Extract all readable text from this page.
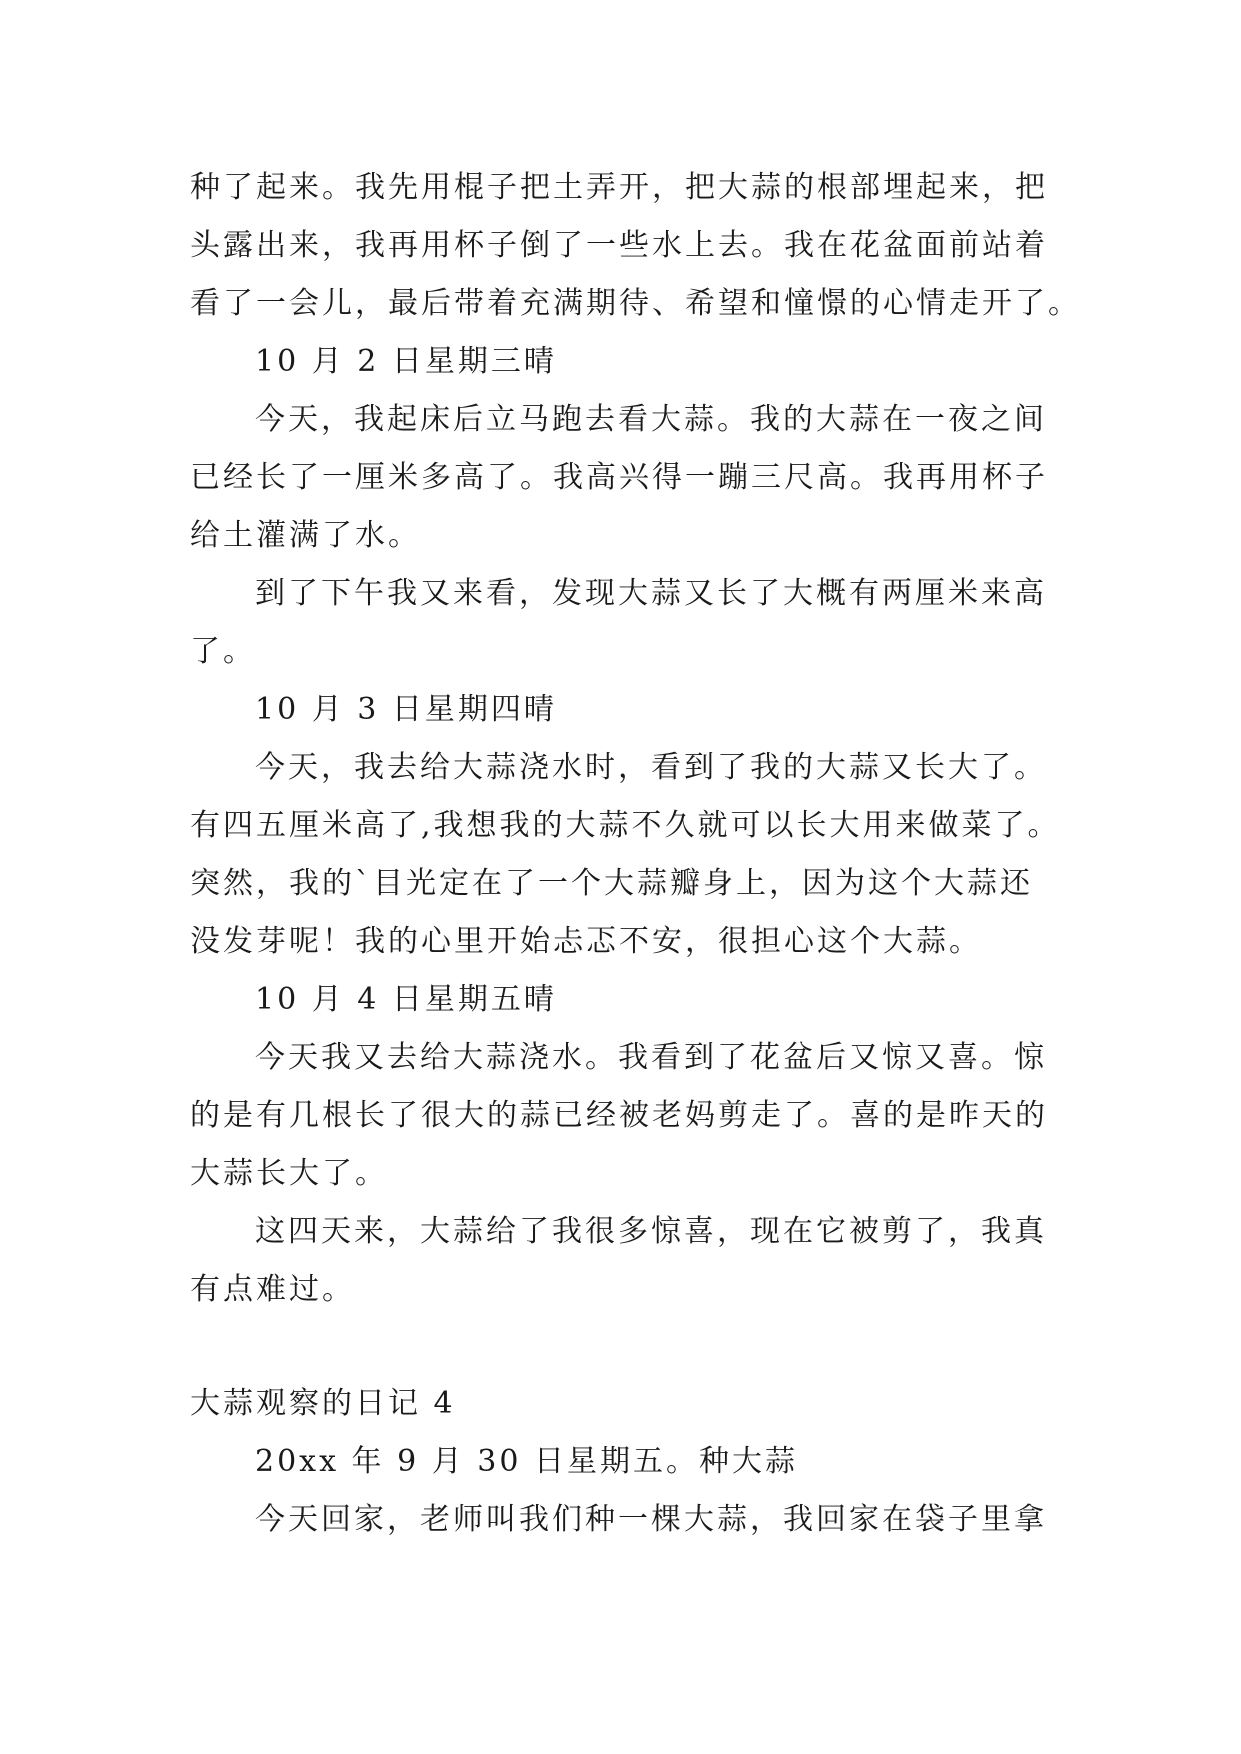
种了起来。我先用棍子把土弄开，把大蒜的根部埋起来，把
头露出来，我再用杯子倒了一些水上去。我在花盆面前站着
看了一会儿，最后带着充满期待、希望和憧憬的心情走开了。
10 月 2 日星期三晴
今天，我起床后立马跑去看大蒜。我的大蒜在一夜之间
已经长了一厘米多高了。我高兴得一蹦三尺高。我再用杯子
给土灌满了水。
到了下午我又来看，发现大蒜又长了大概有两厘米来高
了。
10 月 3 日星期四晴
今天，我去给大蒜浇水时，看到了我的大蒜又长大了。
有四五厘米高了,我想我的大蒜不久就可以长大用来做菜了。
突然，我的`目光定在了一个大蒜瓣身上，因为这个大蒜还
没发芽呢！我的心里开始忐忑不安，很担心这个大蒜。
10 月 4 日星期五晴
今天我又去给大蒜浇水。我看到了花盆后又惊又喜。惊
的是有几根长了很大的蒜已经被老妈剪走了。喜的是昨天的
大蒜长大了。
这四天来，大蒜给了我很多惊喜，现在它被剪了，我真
有点难过。
大蒜观察的日记 4
20xx 年 9 月 30 日星期五。种大蒜
今天回家，老师叫我们种一棵大蒜，我回家在袋子里拿
